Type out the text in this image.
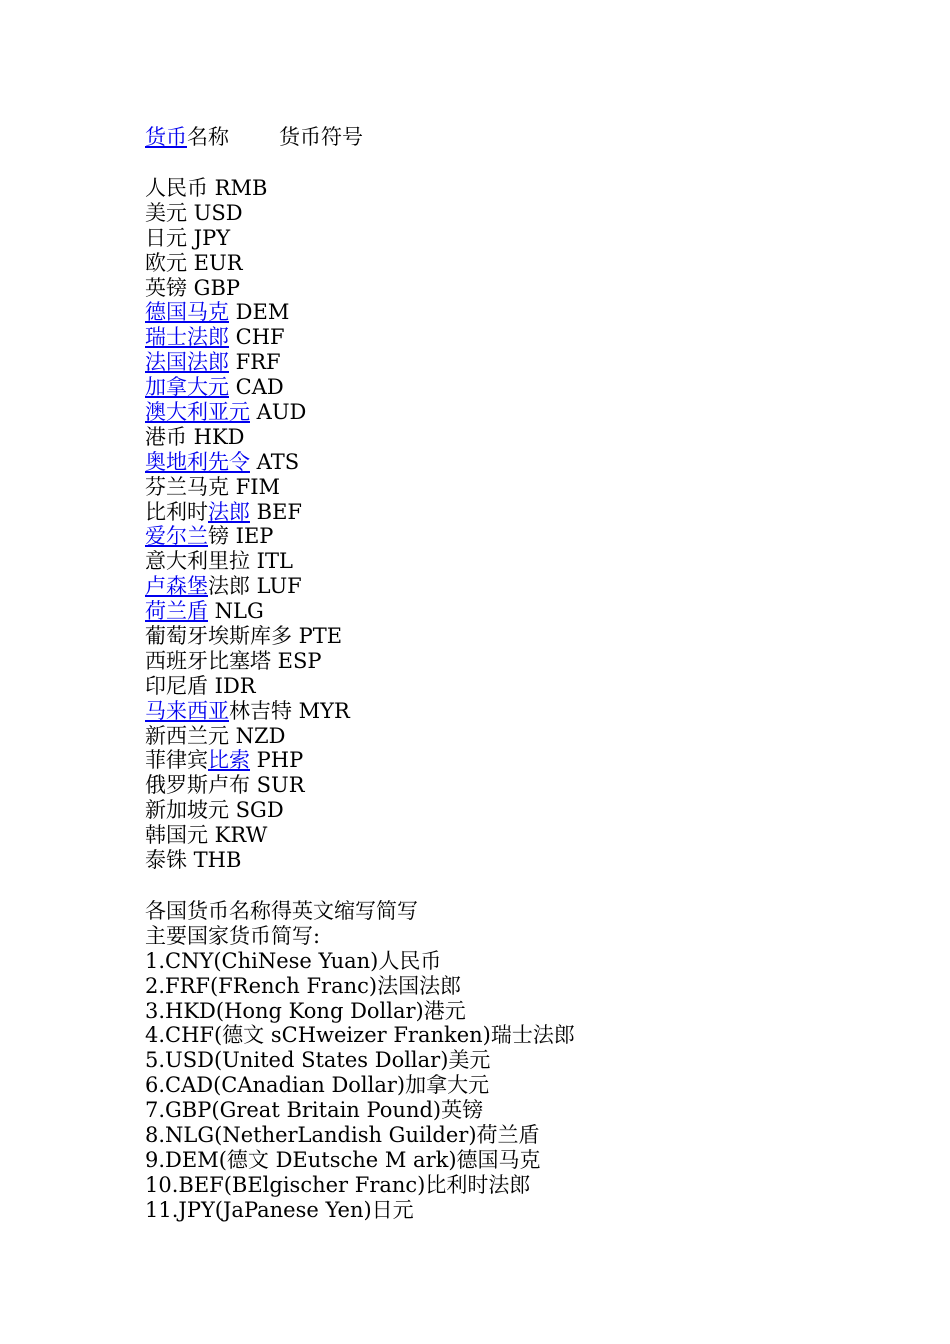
货币名称 货币符号
人民币 RMB
美元 USD
日元 JPY
欧元 EUR
英镑 GBP
德国马克 DEM
瑞士法郎 CHF
法国法郎 FRF
加拿大元 CAD
澳大利亚元 AUD
港币 HKD
奥地利先令 ATS
芬兰马克 FIM
比利时法郎 BEF
爱尔兰镑 IEP
意大利里拉 ITL
卢森堡法郎 LUF
荷兰盾 NLG
葡萄牙埃斯库多 PTE
西班牙比塞塔 ESP
印尼盾 IDR
马来西亚林吉特 MYR
新西兰元 NZD
菲律宾比索 PHP
俄罗斯卢布 SUR
新加坡元 SGD
韩国元 KRW
泰铢 THB
各国货币名称得英文缩写简写
主要国家货币简写:
1.CNY(ChiNese Yuan)人民币
2.FRF(FRench Franc)法国法郎
3.HKD(Hong Kong Dollar)港元
4.CHF(德文 sCHweizer Franken)瑞士法郎
5.USD(United States Dollar)美元
6.CAD(CAnadian Dollar)加拿大元
7.GBP(Great Britain Pound)英镑
8.NLG(NetherLandish Guilder)荷兰盾
9.DEM(德文 DEutsche M ark)德国马克
10.BEF(BElgischer Franc)比利时法郎
11.JPY(JaPanese Yen)日元
